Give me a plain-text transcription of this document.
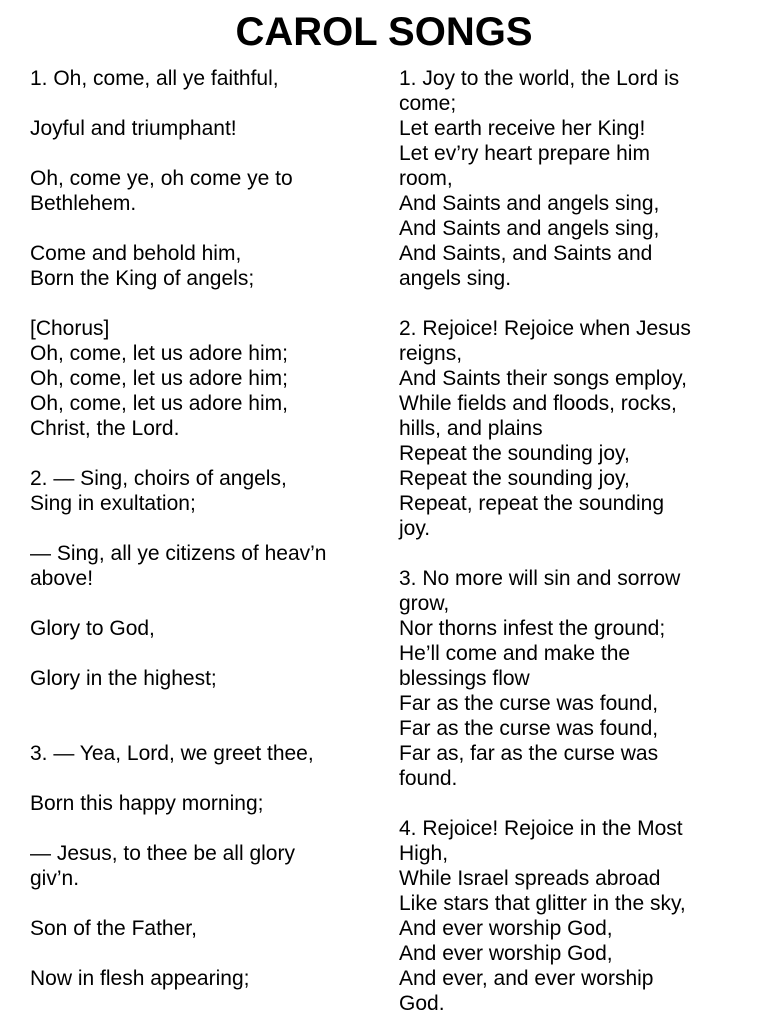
CAROL SONGS
1. Oh, come, all ye faithful,
Joyful and triumphant!
Oh, come ye, oh come ye to
Bethlehem.
Come and behold him,
Born the King of angels;
[Chorus]
Oh, come, let us adore him;
Oh, come, let us adore him;
Oh, come, let us adore him,
Christ, the Lord.
2. — Sing, choirs of angels,
Sing in exultation;
— Sing, all ye citizens of heav’n
above!
Glory to God,
Glory in the highest;
3. — Yea, Lord, we greet thee,
Born this happy morning;
— Jesus, to thee be all glory
giv’n.
Son of the Father,
Now in flesh appearing;
1. Joy to the world, the Lord is
come;
Let earth receive her King!
Let ev’ry heart prepare him
room,
And Saints and angels sing,
And Saints and angels sing,
And Saints, and Saints and
angels sing.
2. Rejoice! Rejoice when Jesus
reigns,
And Saints their songs employ,
While fields and floods, rocks,
hills, and plains
Repeat the sounding joy,
Repeat the sounding joy,
Repeat, repeat the sounding
joy.
3. No more will sin and sorrow
grow,
Nor thorns infest the ground;
He’ll come and make the
blessings flow
Far as the curse was found,
Far as the curse was found,
Far as, far as the curse was
found.
4. Rejoice! Rejoice in the Most
High,
While Israel spreads abroad
Like stars that glitter in the sky,
And ever worship God,
And ever worship God,
And ever, and ever worship
God.
